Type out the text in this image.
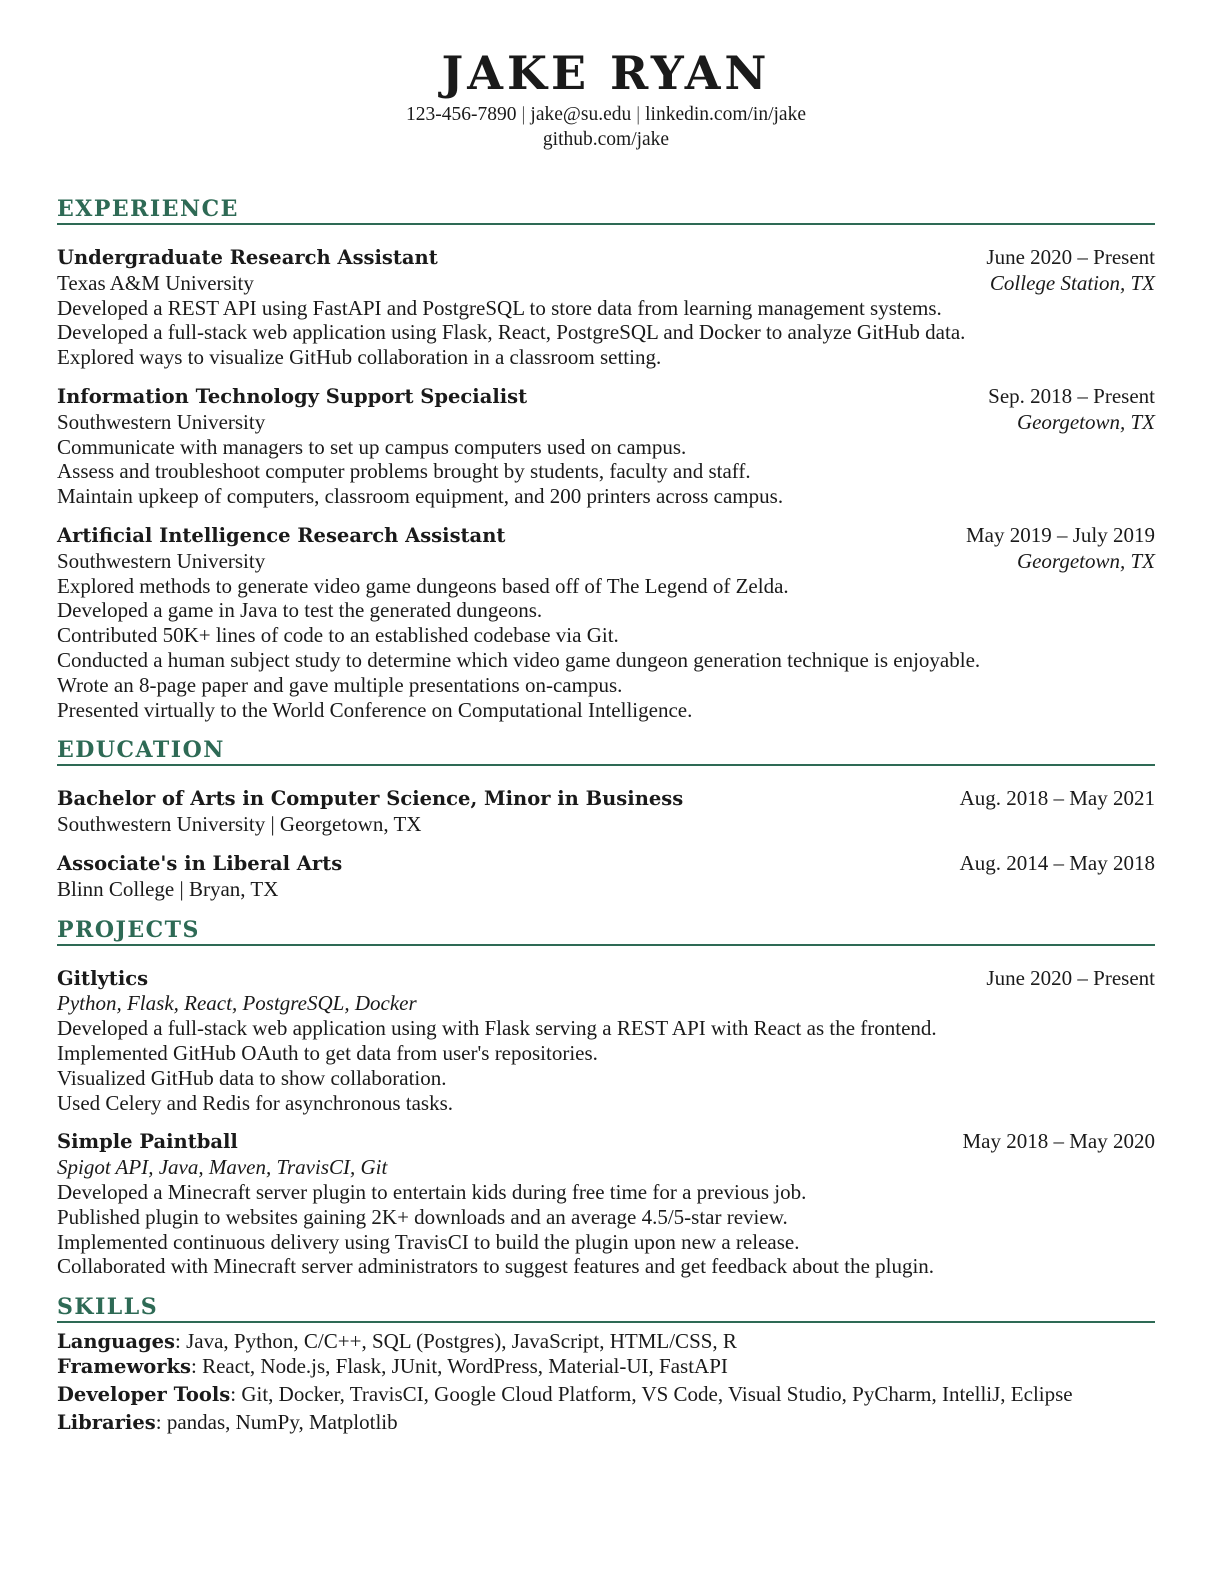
JAKE RYAN
123-456-7890 | jake@su.edu | linkedin.com/in/jake
github.com/jake
EXPERIENCE
Undergraduate Research Assistant	June 2020 – Present
Texas A&M University	College Station, TX
Developed a REST API using FastAPI and PostgreSQL to store data from learning management systems.
Developed a full-stack web application using Flask, React, PostgreSQL and Docker to analyze GitHub data.
Explored ways to visualize GitHub collaboration in a classroom setting.
Information Technology Support Specialist	Sep. 2018 – Present
Southwestern University	Georgetown, TX
Communicate with managers to set up campus computers used on campus.
Assess and troubleshoot computer problems brought by students, faculty and staff.
Maintain upkeep of computers, classroom equipment, and 200 printers across campus.
Artificial Intelligence Research Assistant	May 2019 – July 2019
Southwestern University	Georgetown, TX
Explored methods to generate video game dungeons based off of The Legend of Zelda.
Developed a game in Java to test the generated dungeons.
Contributed 50K+ lines of code to an established codebase via Git.
Conducted a human subject study to determine which video game dungeon generation technique is enjoyable.
Wrote an 8-page paper and gave multiple presentations on-campus.
Presented virtually to the World Conference on Computational Intelligence.
EDUCATION
Bachelor of Arts in Computer Science, Minor in Business	Aug. 2018 – May 2021
Southwestern University | Georgetown, TX
Associate's in Liberal Arts	Aug. 2014 – May 2018
Blinn College | Bryan, TX
PROJECTS
Gitlytics	June 2020 – Present
Python, Flask, React, PostgreSQL, Docker
Developed a full-stack web application using with Flask serving a REST API with React as the frontend.
Implemented GitHub OAuth to get data from user's repositories.
Visualized GitHub data to show collaboration.
Used Celery and Redis for asynchronous tasks.
Simple Paintball	May 2018 – May 2020
Spigot API, Java, Maven, TravisCI, Git
Developed a Minecraft server plugin to entertain kids during free time for a previous job.
Published plugin to websites gaining 2K+ downloads and an average 4.5/5-star review.
Implemented continuous delivery using TravisCI to build the plugin upon new a release.
Collaborated with Minecraft server administrators to suggest features and get feedback about the plugin.
SKILLS
Languages: Java, Python, C/C++, SQL (Postgres), JavaScript, HTML/CSS, R
Frameworks: React, Node.js, Flask, JUnit, WordPress, Material-UI, FastAPI
Developer Tools: Git, Docker, TravisCI, Google Cloud Platform, VS Code, Visual Studio, PyCharm, IntelliJ, Eclipse
Libraries: pandas, NumPy, Matplotlib
